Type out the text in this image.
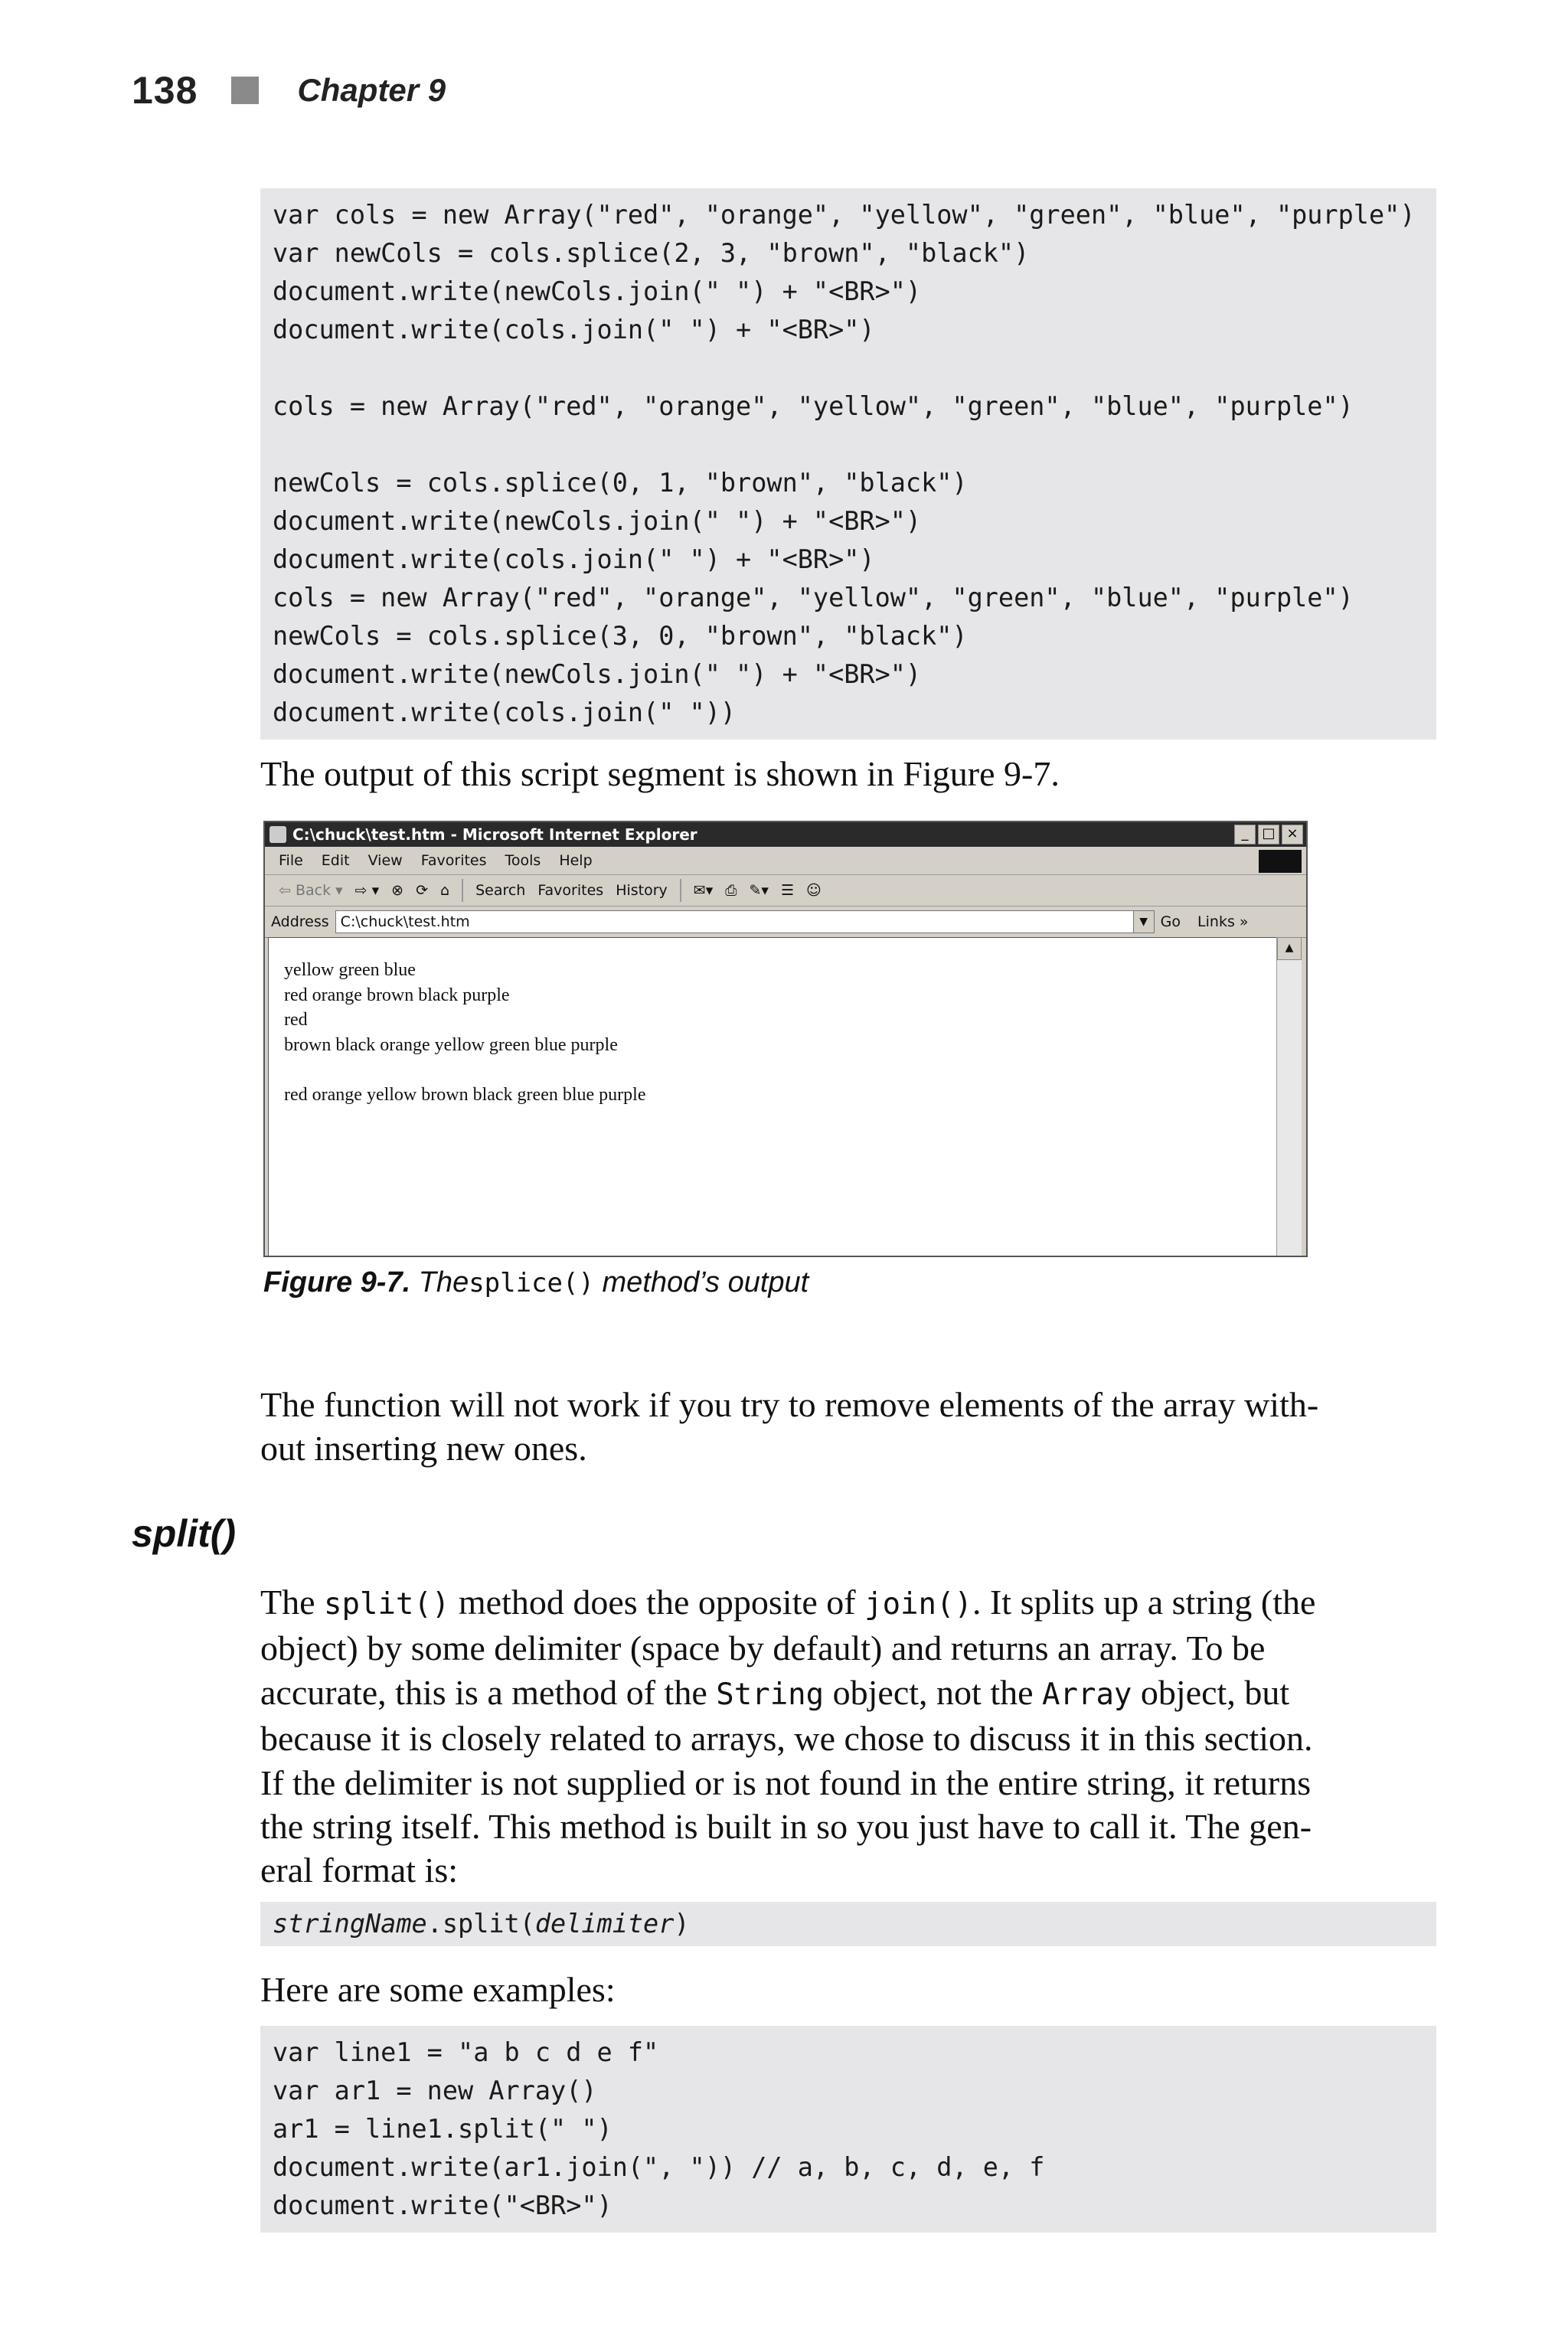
138	Chapter 9
var cols = new Array("red", "orange", "yellow", "green", "blue", "purple")
var newCols = cols.splice(2, 3, "brown", "black")
document.write(newCols.join(" ") + "<BR>")
document.write(cols.join(" ") + "<BR>")
cols = new Array("red", "orange", "yellow", "green", "blue", "purple")
newCols = cols.splice(0, 1, "brown", "black")
document.write(newCols.join(" ") + "<BR>")
document.write(cols.join(" ") + "<BR>")
cols = new Array("red", "orange", "yellow", "green", "blue", "purple")
newCols = cols.splice(3, 0, "brown", "black")
document.write(newCols.join(" ") + "<BR>")
document.write(cols.join(" "))

The output of this script segment is shown in Figure 9-7.

C:\chuck\test.htm - Microsoft Internet Explorer	_ □ ×
File Edit View Favorites Tools Help
⇦ Back ▾ ⇨ ▾ ⊗ ⟳ ⌂ Search Favorites History ✉▾ ⎙ ✎▾ ☰ ☺
Address C:\chuck\test.htm	▼ Go Links »
yellow green blue
red orange brown black purple
red
brown black orange yellow green blue purple
red orange yellow brown black green blue purple
▲
Figure 9-7. Thesplice() method’s output
The function will not work if you try to remove elements of the array with-
out inserting new ones.
split()
The split() method does the opposite of join(). It splits up a string (the
object) by some delimiter (space by default) and returns an array. To be
accurate, this is a method of the String object, not the Array object, but
because it is closely related to arrays, we chose to discuss it in this section.
If the delimiter is not supplied or is not found in the entire string, it returns
the string itself. This method is built in so you just have to call it. The gen-
eral format is:
stringName.split(delimiter)

Here are some examples:

var line1 = "a b c d e f"
var ar1 = new Array()
ar1 = line1.split(" ")
document.write(ar1.join(", ")) // a, b, c, d, e, f
document.write("<BR>")
